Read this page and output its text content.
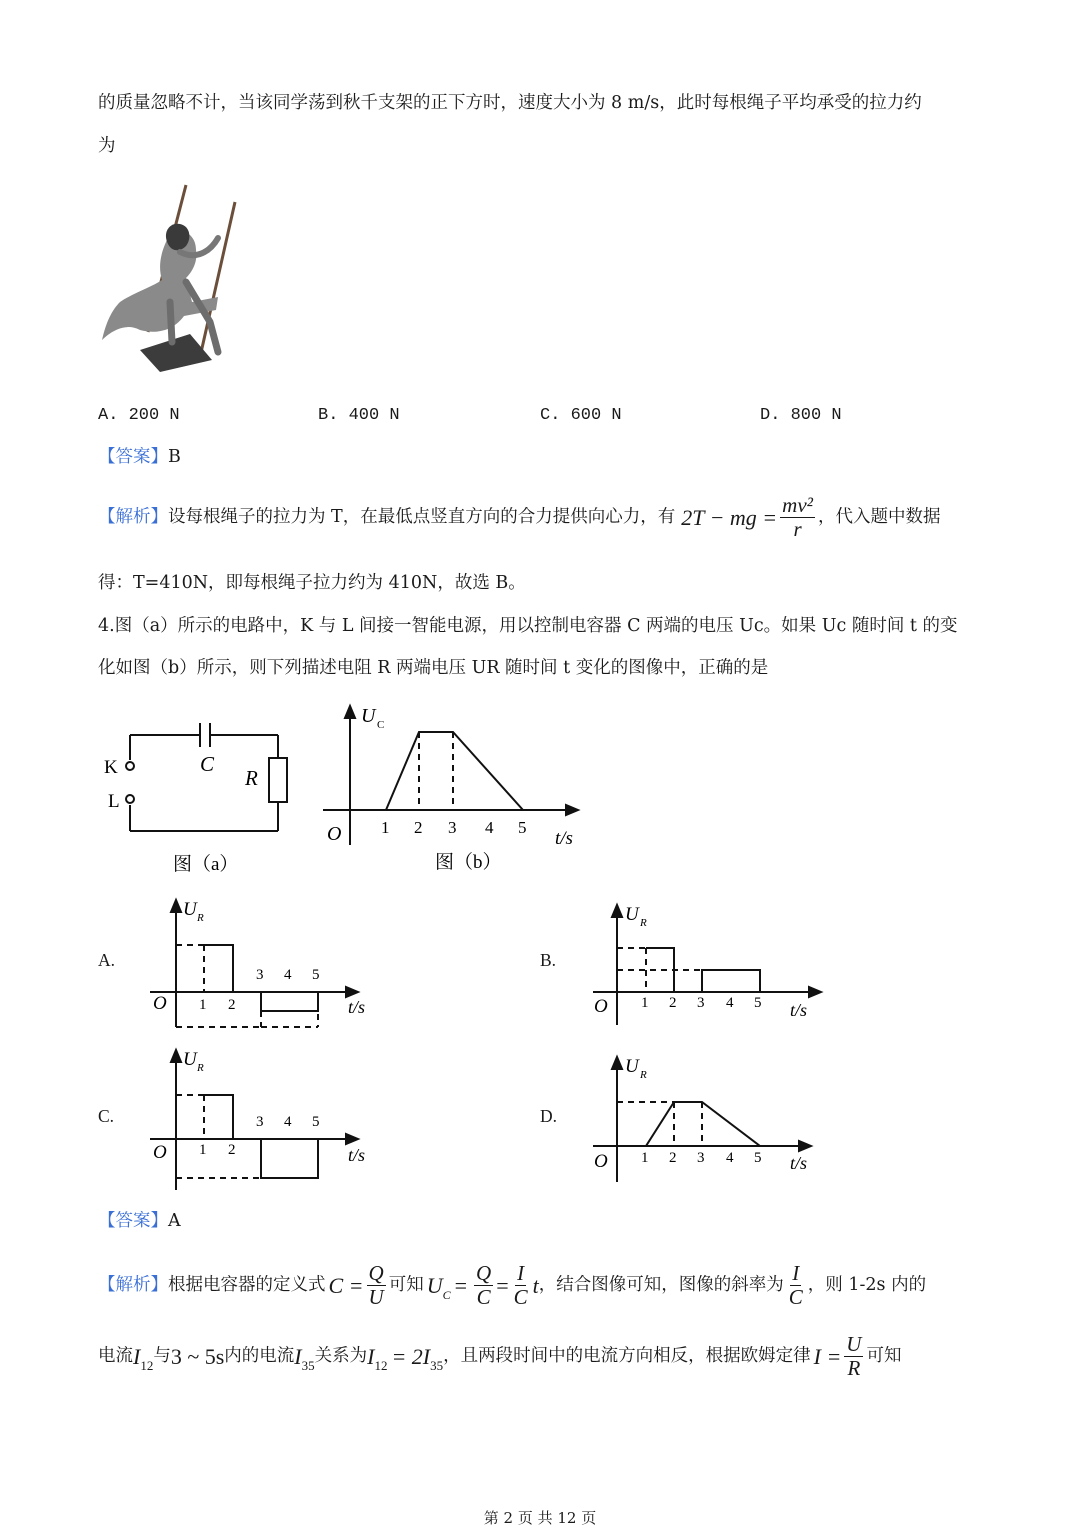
的质量忽略不计，当该同学荡到秋千支架的正下方时，速度大小为 8 m/s，此时每根绳子平均承受的拉力约
为
A. 200 N	B. 400 N	C. 600 N	D. 800 N
【答案】B
【解析】 设每根绳子的拉力为 T，在最低点竖直方向的合力提供向心力，有 2T − mg = $\frac{\text{mv²}}{r}$ ，代入题中数据
得：T=410N，即每根绳子拉力约为 410N，故选 B。
4.图（a）所示的电路中，K 与 L 间接一智能电源，用以控制电容器 C 两端的电压 Uc。如果 Uc 随时间 t 的变
化如图（b）所示，则下列描述电阻 R 两端电压 UR 随时间 t 变化的图像中，正确的是
K
L
C
R
图（a）
U C
O 1 2 3 4 5
t/s
图（b）
A.	B.
C.	D.
U R
O 1 2
3 4 5
t/s
U R
O 1 2 3 4 5 t/s
U R
O 1 2
3 4 5
t/s
U R
O 1 2 3 4 5 t/s
【答案】A
【解析】 根据电容器的定义式 $C = \frac{Q}{U}$ 可知 U $C = \frac{Q}{C} = \frac{I}{C}$ t ，结合图像可知，图像的斜率为 $\frac{I}{C}$ ，则 1-2s 内的
电流 I 12 与 3 ~ 5s 内的电流 I 35 关系为 I 12 = 2I 35 ，且两段时间中的电流方向相反，根据欧姆定律 $I = \frac{U}{R}$ 可知
第 2 页 共 12 页
